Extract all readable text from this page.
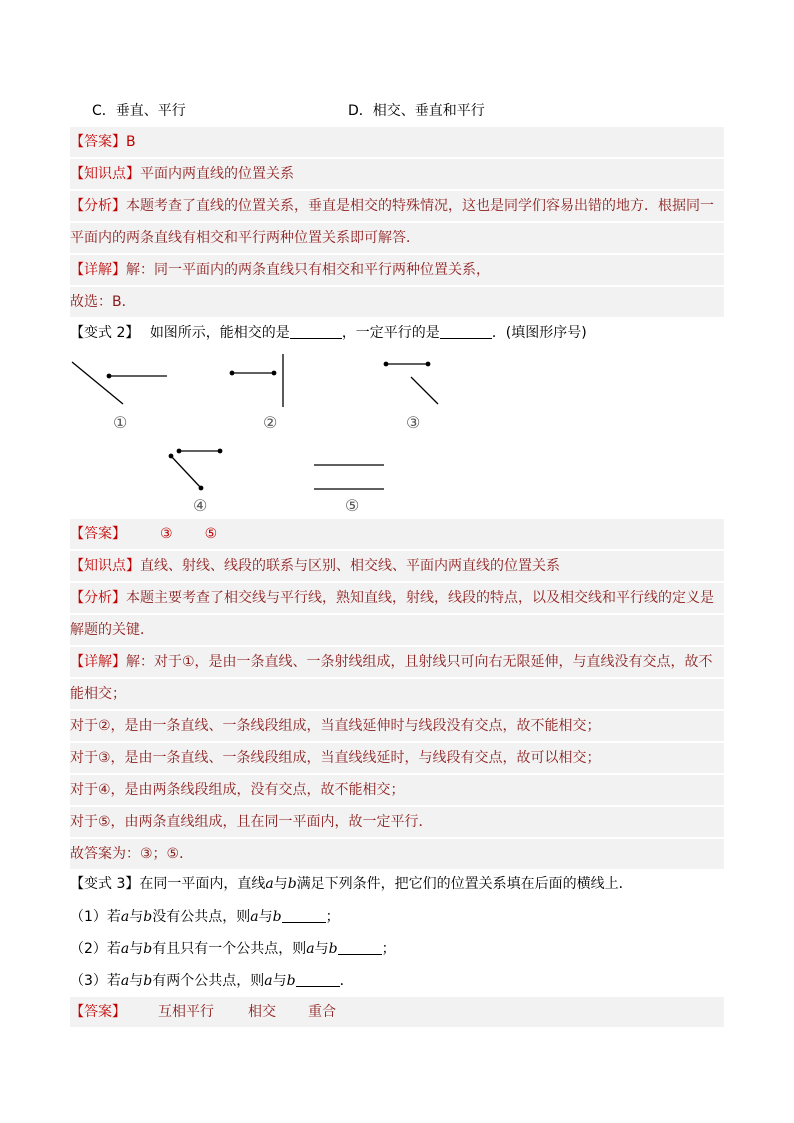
C．垂直、平行	D．相交、垂直和平行
【答案】B
【知识点】平面内两直线的位置关系
【分析】本题考查了直线的位置关系，垂直是相交的特殊情况，这也是同学们容易出错的地方．根据同一
平面内的两条直线有相交和平行两种位置关系即可解答．
【详解】解：同一平面内的两条直线只有相交和平行两种位置关系，
故选：B．
【变式 2】 如图所示，能相交的是	，一定平行的是	．(填图形序号)
①	②	③
④	⑤
【答案】 ③ ⑤
【知识点】直线、射线、线段的联系与区别、相交线、平面内两直线的位置关系
【分析】本题主要考查了相交线与平行线，熟知直线，射线，线段的特点，以及相交线和平行线的定义是
解题的关键．
【详解】解：对于①，是由一条直线、一条射线组成，且射线只可向右无限延伸，与直线没有交点，故不
能相交；
对于②，是由一条直线、一条线段组成，当直线延伸时与线段没有交点，故不能相交；
对于③，是由一条直线、一条线段组成，当直线线延时，与线段有交点，故可以相交；
对于④，是由两条线段组成，没有交点，故不能相交；
对于⑤，由两条直线组成，且在同一平面内，故一定平行．
故答案为：③；⑤．
【变式 3】在同一平面内，直线a与b满足下列条件，把它们的位置关系填在后面的横线上．
（1）若a与b没有公共点，则a与b	；
（2）若a与b有且只有一个公共点，则a与b	；
（3）若a与b有两个公共点，则a与b	．
【答案】 互相平行 相交 重合
